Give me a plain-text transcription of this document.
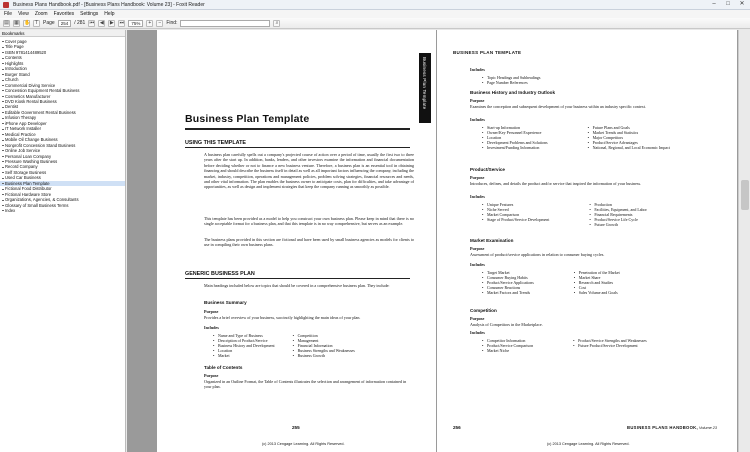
Business Plans Handbook.pdf - [Business Plans Handbook: Volume 23] - Foxit Reader	–	□	✕
File View Zoom Favorites Settings Help
▤ ▦ ✋ T Page	254	/ 281 ⏮	◀	▶	⏭	75%	+	−	Find:	⌕
Bookmarks
Cover page
Title Page
ISBN 9781414489520
Contents
Highlights
Introduction
Burger Stand
Church
Commercial Diving Service
Concession Equipment Rental Business
Cosmetics Manufacturer
DVD Kiosk Rental Business
Dentist
Editable Government Rental Business
Infusion Therapy
iPhone App Developer
IT Network Installer
Medical Practice
Mobile Oil Change Business
Nonprofit Concession Stand Business
Online Job Service
Personal Loan Company
Pressure Washing Business
Record Company
Self Storage Business
Used Car Business
Business Plan Template
Fictional Food Distributor
Fictional Hardware Store
Organizations, Agencies, & Consultants
Glossary of Small Business Terms
Index
Business Plan Template
Business Plan Template
USING THIS TEMPLATE
A business plan carefully spells out a company's projected course of action over a period of time, usually the first two to three years after the start up. In addition, banks, lenders, and other investors examine the information and financial documentation before deciding whether or not to finance a new business venture. Therefore, a business plan is an essential tool in obtaining financing and should describe the business itself in detail as well as all important factors influencing the company, including the market, industry, competition, operations and management policies, problem solving strategies, financial resources and needs, and other vital information. The plan enables the business owner to anticipate costs, plan for difficulties, and take advantage of opportunities, as well as design and implement strategies that keep the company running as smoothly as possible.
This template has been provided as a model to help you construct your own business plan. Please keep in mind that there is no single acceptable format for a business plan, and that this template is in no way comprehensive, but serves as an example.
The business plans provided in this section are fictional and have been used by small business agencies as models for clients to use in compiling their own business plans.
GENERIC BUSINESS PLAN
Main headings included below are topics that should be covered in a comprehensive business plan. They include:
Business Summary
Purpose
Provides a brief overview of your business, succinctly highlighting the main ideas of your plan.
Includes
• Name and Type of Business
• Description of Product/Service
• Business History and Development
• Location
• Market
• Competition
• Management
• Financial Information
• Business Strengths and Weaknesses
• Business Growth
Table of Contents
Purpose
Organized in an Outline Format, the Table of Contents illustrates the selection and arrangement of information contained in your plan.
255
(c) 2013 Cengage Learning. All Rights Reserved.
BUSINESS PLAN TEMPLATE
Includes
• Topic Headings and Subheadings
• Page Number References
Business History and Industry Outlook
Purpose
Examines the conception and subsequent development of your business within an industry specific context.
Includes
• Start-up Information
• Owner/Key Personnel Experience
• Location
• Development Problems and Solutions
• Investment/Funding Information
• Future Plans and Goals
• Market Trends and Statistics
• Major Competitors
• Product/Service Advantages
• National, Regional, and Local Economic Impact
Product/Service
Purpose
Introduces, defines, and details the product and/or service that inspired the information of your business.
Includes
• Unique Features
• Niche Served
• Market Comparison
• Stage of Product/Service Development
• Production
• Facilities, Equipment, and Labor
• Financial Requirements
• Product/Service Life Cycle
• Future Growth
Market Examination
Purpose
Assessment of product/service applications in relation to consumer buying cycles.
Includes
• Target Market
• Consumer Buying Habits
• Product/Service Applications
• Consumer Reactions
• Market Factors and Trends
• Penetration of the Market
• Market Share
• Research and Studies
• Cost
• Sales Volume and Goals
Competition
Purpose
Analysis of Competitors in the Marketplace.
Includes
• Competitor Information
• Product/Service Comparison
• Market Niche
• Product/Service Strengths and Weaknesses
• Future Product/Service Development
256	BUSINESS PLANS HANDBOOK, Volume 23
(c) 2013 Cengage Learning. All Rights Reserved.
